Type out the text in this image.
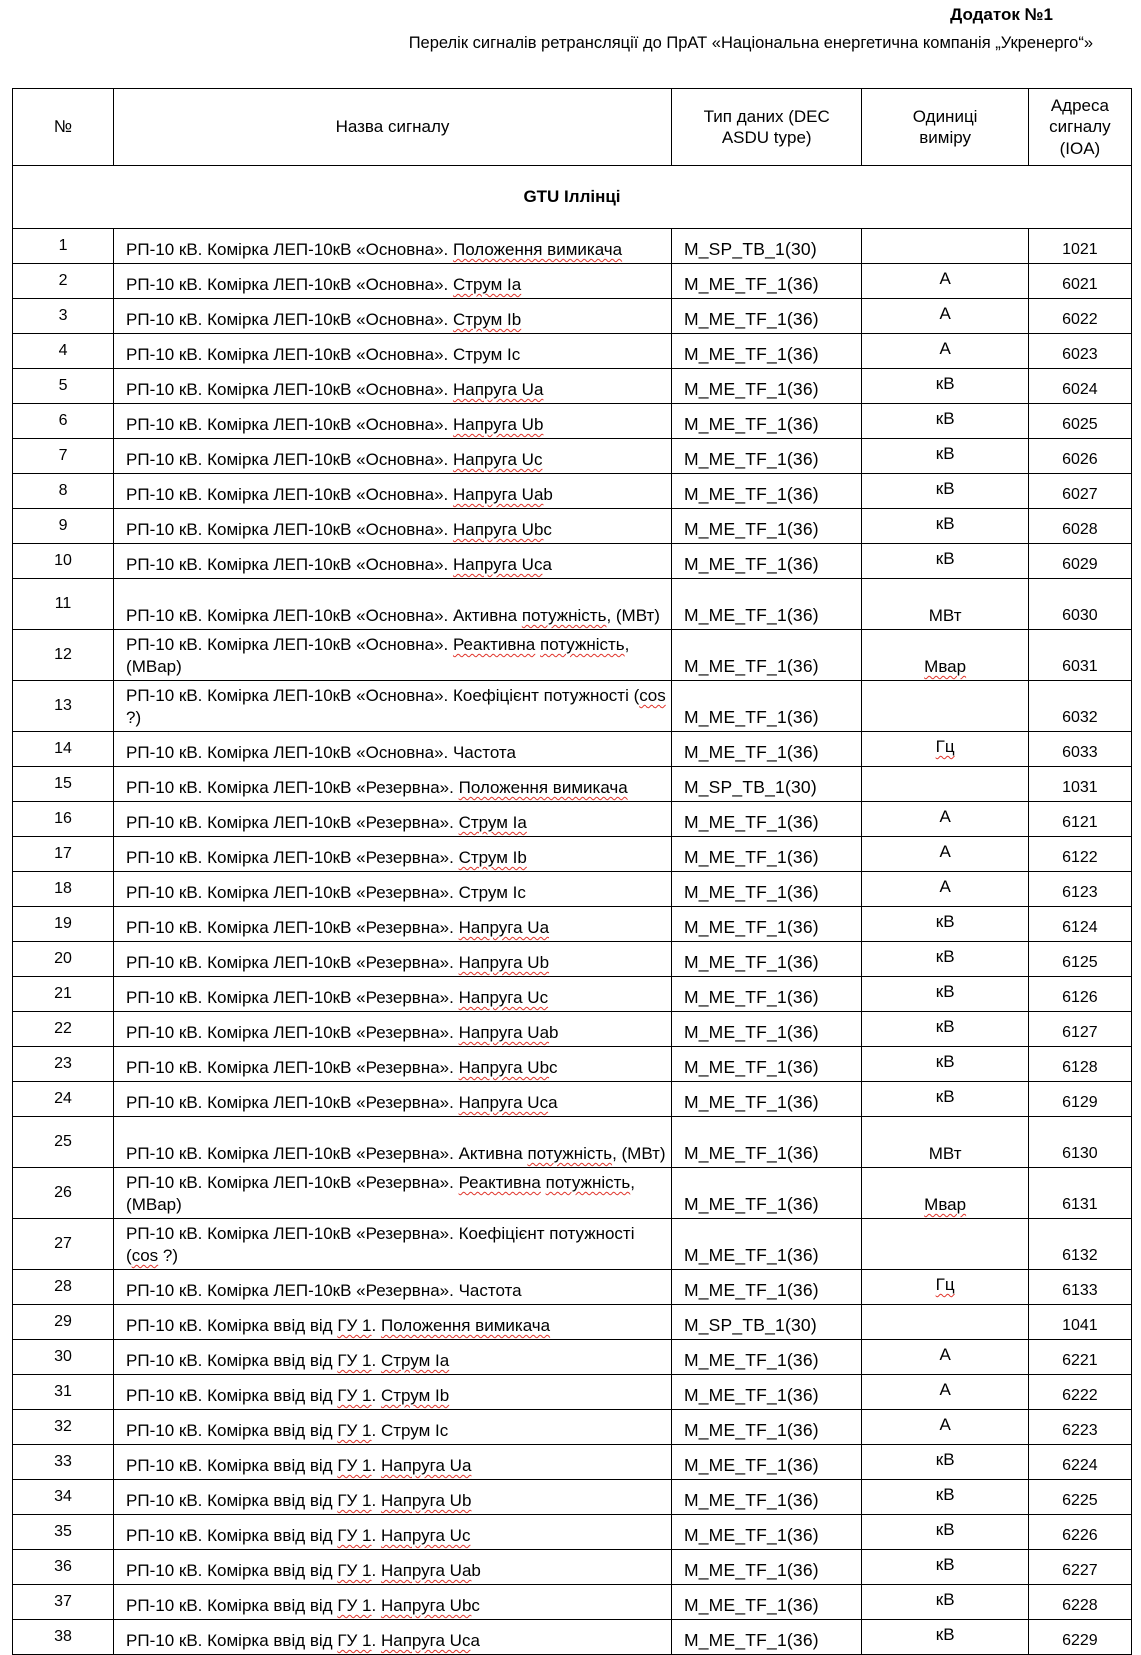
Додаток №1
Перелік сигналів ретрансляції до ПрАТ «Національна енергетична компанія „Укренерго“»
№	Назва сигналу	Тип даних (DEC ASDU type)	Одиниці виміру	Адреса сигналу (IOA)
GTU Іллінці				
1	РП-10 кВ. Комірка ЛЕП-10кВ «Основна». Положення вимикача	M_SP_TB_1(30)		1021
2	РП-10 кВ. Комірка ЛЕП-10кВ «Основна». Струм Ia	M_ME_TF_1(36)	А	6021
3	РП-10 кВ. Комірка ЛЕП-10кВ «Основна». Струм Ib	M_ME_TF_1(36)	А	6022
4	РП-10 кВ. Комірка ЛЕП-10кВ «Основна». Струм Ic	M_ME_TF_1(36)	А	6023
5	РП-10 кВ. Комірка ЛЕП-10кВ «Основна». Напруга Ua	M_ME_TF_1(36)	кВ	6024
6	РП-10 кВ. Комірка ЛЕП-10кВ «Основна». Напруга Ub	M_ME_TF_1(36)	кВ	6025
7	РП-10 кВ. Комірка ЛЕП-10кВ «Основна». Напруга Uc	M_ME_TF_1(36)	кВ	6026
8	РП-10 кВ. Комірка ЛЕП-10кВ «Основна». Напруга Uab	M_ME_TF_1(36)	кВ	6027
9	РП-10 кВ. Комірка ЛЕП-10кВ «Основна». Напруга Ubc	M_ME_TF_1(36)	кВ	6028
10	РП-10 кВ. Комірка ЛЕП-10кВ «Основна». Напруга Uca	M_ME_TF_1(36)	кВ	6029
11	РП-10 кВ. Комірка ЛЕП-10кВ «Основна». Активна потужність, (МВт)	M_ME_TF_1(36)	МВт	6030
12	РП-10 кВ. Комірка ЛЕП-10кВ «Основна». Реактивна потужність, (МВар)	M_ME_TF_1(36)	Мвар	6031
13	РП-10 кВ. Комірка ЛЕП-10кВ «Основна». Коефіцієнт потужності (cos ?)	M_ME_TF_1(36)		6032
14	РП-10 кВ. Комірка ЛЕП-10кВ «Основна». Частота	M_ME_TF_1(36)	Гц	6033
15	РП-10 кВ. Комірка ЛЕП-10кВ «Резервна». Положення вимикача	M_SP_TB_1(30)		1031
16	РП-10 кВ. Комірка ЛЕП-10кВ «Резервна». Струм Ia	M_ME_TF_1(36)	А	6121
17	РП-10 кВ. Комірка ЛЕП-10кВ «Резервна». Струм Ib	M_ME_TF_1(36)	А	6122
18	РП-10 кВ. Комірка ЛЕП-10кВ «Резервна». Струм Ic	M_ME_TF_1(36)	А	6123
19	РП-10 кВ. Комірка ЛЕП-10кВ «Резервна». Напруга Ua	M_ME_TF_1(36)	кВ	6124
20	РП-10 кВ. Комірка ЛЕП-10кВ «Резервна». Напруга Ub	M_ME_TF_1(36)	кВ	6125
21	РП-10 кВ. Комірка ЛЕП-10кВ «Резервна». Напруга Uc	M_ME_TF_1(36)	кВ	6126
22	РП-10 кВ. Комірка ЛЕП-10кВ «Резервна». Напруга Uab	M_ME_TF_1(36)	кВ	6127
23	РП-10 кВ. Комірка ЛЕП-10кВ «Резервна». Напруга Ubc	M_ME_TF_1(36)	кВ	6128
24	РП-10 кВ. Комірка ЛЕП-10кВ «Резервна». Напруга Uca	M_ME_TF_1(36)	кВ	6129
25	РП-10 кВ. Комірка ЛЕП-10кВ «Резервна». Активна потужність, (МВт)	M_ME_TF_1(36)	МВт	6130
26	РП-10 кВ. Комірка ЛЕП-10кВ «Резервна». Реактивна потужність, (МВар)	M_ME_TF_1(36)	Мвар	6131
27	РП-10 кВ. Комірка ЛЕП-10кВ «Резервна». Коефіцієнт потужності (cos ?)	M_ME_TF_1(36)		6132
28	РП-10 кВ. Комірка ЛЕП-10кВ «Резервна». Частота	M_ME_TF_1(36)	Гц	6133
29	РП-10 кВ. Комірка ввід від ГУ 1. Положення вимикача	M_SP_TB_1(30)		1041
30	РП-10 кВ. Комірка ввід від ГУ 1. Струм Ia	M_ME_TF_1(36)	А	6221
31	РП-10 кВ. Комірка ввід від ГУ 1. Струм Ib	M_ME_TF_1(36)	А	6222
32	РП-10 кВ. Комірка ввід від ГУ 1. Струм Ic	M_ME_TF_1(36)	А	6223
33	РП-10 кВ. Комірка ввід від ГУ 1. Напруга Ua	M_ME_TF_1(36)	кВ	6224
34	РП-10 кВ. Комірка ввід від ГУ 1. Напруга Ub	M_ME_TF_1(36)	кВ	6225
35	РП-10 кВ. Комірка ввід від ГУ 1. Напруга Uc	M_ME_TF_1(36)	кВ	6226
36	РП-10 кВ. Комірка ввід від ГУ 1. Напруга Uab	M_ME_TF_1(36)	кВ	6227
37	РП-10 кВ. Комірка ввід від ГУ 1. Напруга Ubc	M_ME_TF_1(36)	кВ	6228
38	РП-10 кВ. Комірка ввід від ГУ 1. Напруга Uca	M_ME_TF_1(36)	кВ	6229
